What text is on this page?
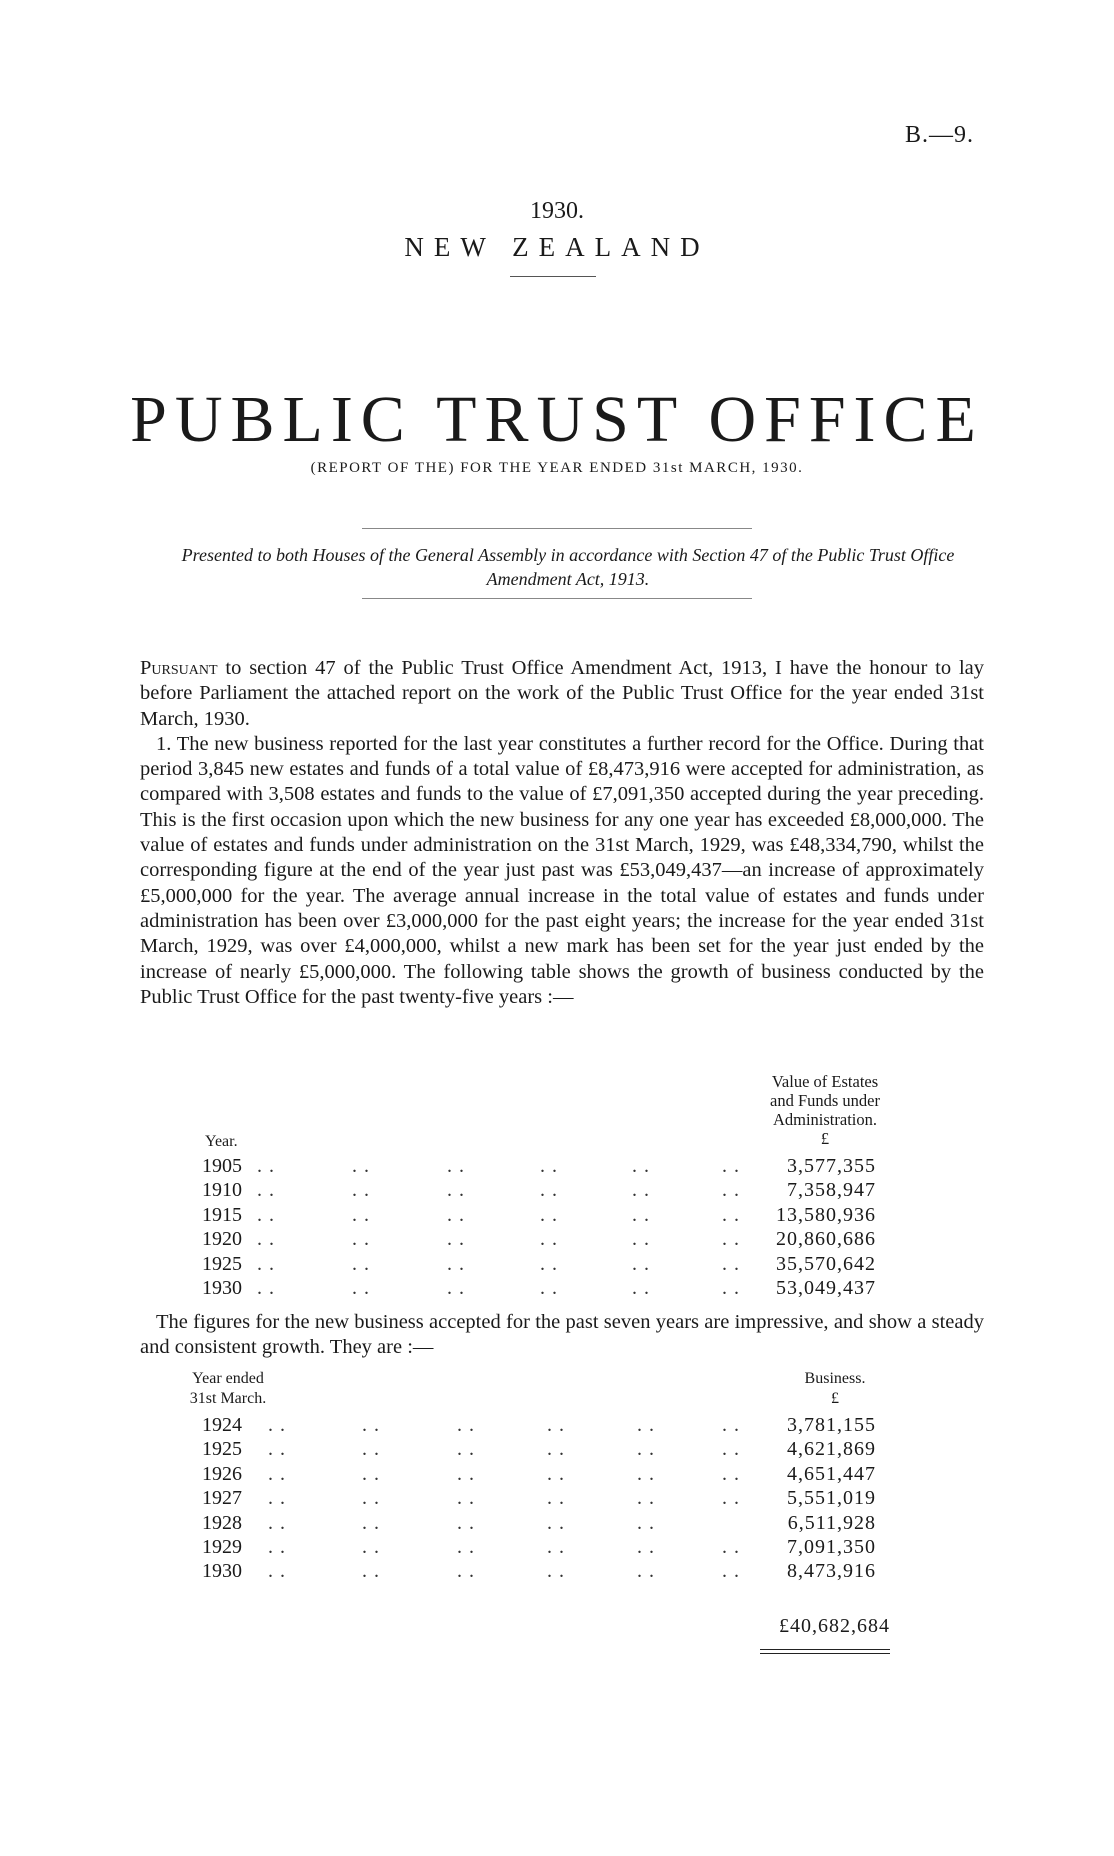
B.—9.
1930.
NEW ZEALAND
PUBLIC TRUST OFFICE
(REPORT OF THE) FOR THE YEAR ENDED 31st MARCH, 1930.
Presented to both Houses of the General Assembly in accordance with Section 47 of the Public Trust Office Amendment Act, 1913.

Pursuant to section 47 of the Public Trust Office Amendment Act, 1913, I have the honour to lay before Parliament the attached report on the work of the Public Trust Office for the year ended 31st March, 1930.

1. The new business reported for the last year constitutes a further record for the Office. During that period 3,845 new estates and funds of a total value of £8,473,916 were accepted for administration, as compared with 3,508 estates and funds to the value of £7,091,350 accepted during the year preceding. This is the first occasion upon which the new business for any one year has exceeded £8,000,000. The value of estates and funds under administration on the 31st March, 1929, was £48,334,790, whilst the corresponding figure at the end of the year just past was £53,049,437—an increase of approximately £5,000,000 for the year. The average annual increase in the total value of estates and funds under administration has been over £3,000,000 for the past eight years; the increase for the year ended 31st March, 1929, was over £4,000,000, whilst a new mark has been set for the year just ended by the increase of nearly £5,000,000. The following table shows the growth of business conducted by the Public Trust Office for the past twenty-five years :—

Value of Estates
and Funds under
Administration.
£
Year.
1905 . .	. .	. .	. .	. .	. . 3,577,355
1910 . .	. .	. .	. .	. .	. . 7,358,947
1915 . .	. .	. .	. .	. .	. . 13,580,936
1920 . .	. .	. .	. .	. .	. . 20,860,686
1925 . .	. .	. .	. .	. .	. . 35,570,642
1930 . .	. .	. .	. .	. .	. . 53,049,437
The figures for the new business accepted for the past seven years are impressive, and show a steady and consistent growth. They are :—
Year ended
31st March.
Business.
£
1924 . .	. .	. .	. .	. .	. . 3,781,155
1925 . .	. .	. .	. .	. .	. . 4,621,869
1926 . .	. .	. .	. .	. .	. . 4,651,447
1927 . .	. .	. .	. .	. .	. . 5,551,019
1928 . .	. .	. .	. .	. .	6,511,928
1929 . .	. .	. .	. .	. .	. . 7,091,350
1930 . .	. .	. .	. .	. .	. . 8,473,916
£40,682,684
